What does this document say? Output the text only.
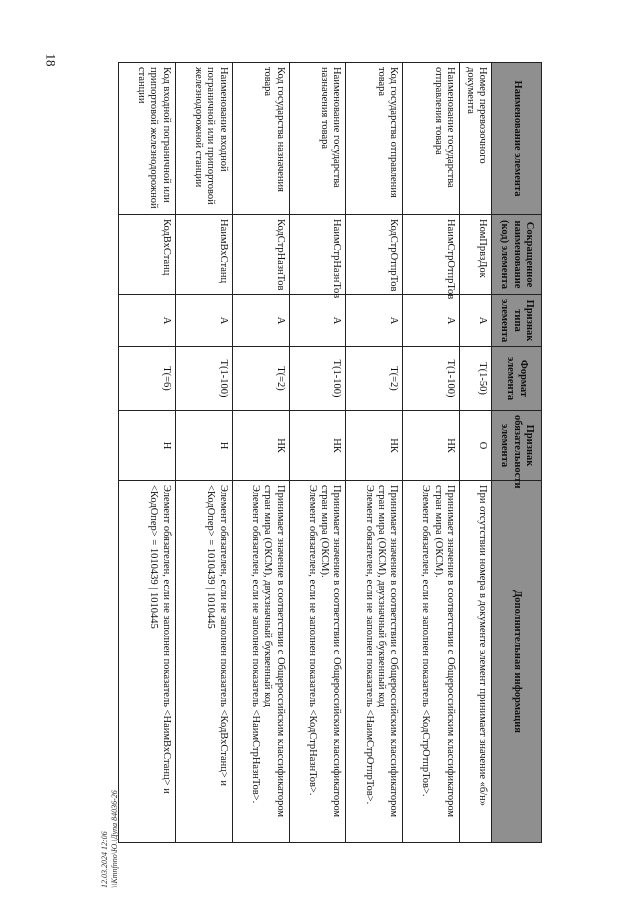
18
Наименование элемента	Сокращенное наименование (код) элемента	Признак типа элемента	Формат элемента	Признак обязательности элемента	Дополнительная информация
Номер перевозочного документа	НомПрвзДок	А	T(1-50)	О	При отсутствии номера в документе элемент принимает значение «б/н»

Наименование государства отправления товара	НаимСтрОтпрТов	А	T(1-100)	НК	Принимает значение в соответствии с Общероссийским классификатором стран мира (ОКСМ).
Элемент обязателен, если не заполнен показатель <КодСтрОтпрТов>.

Код государства отправления товара	КодСтрОтпрТов	А	T(=2)	НК	Принимает значение в соответствии с Общероссийским классификатором стран мира (ОКСМ), двухзначный буквенный код
Элемент обязателен, если не заполнен показатель <НаимСтрОтпрТов>.

Наименование государства назначения товара	НаимСтрНазнТов	А	T(1-100)	НК	Принимает значение в соответствии с Общероссийским классификатором стран мира (ОКСМ).
Элемент обязателен, если не заполнен показатель <КодСтрНазнТов>.

Код государства назначения товара	КодСтрНазнТов	А	T(=2)	НК	Принимает значение в соответствии с Общероссийским классификатором стран мира (ОКСМ), двухзначный буквенный код
Элемент обязателен, если не заполнен показатель <НаимСтрНазнТов>.

Наименование входной пограничной или припортовой железнодорожной станции	НаимВхСтанц	А	T(1-100)	Н	Элемент обязателен, если не заполнен показатель <КодВхСтанц> и <КодОпер> = 1010439 | 1010445

Код входной пограничной или припортовой железнодорожной станции	КодВхСтанц	А	T(=6)	Н	Элемент обязателен, если не заполнен показатель <НаимВхСтанц> и <КодОпер> = 1010439 | 1010445
12.03.2024 12:06 \\Kmnfnno\Ю.\Дуna 84036-26
